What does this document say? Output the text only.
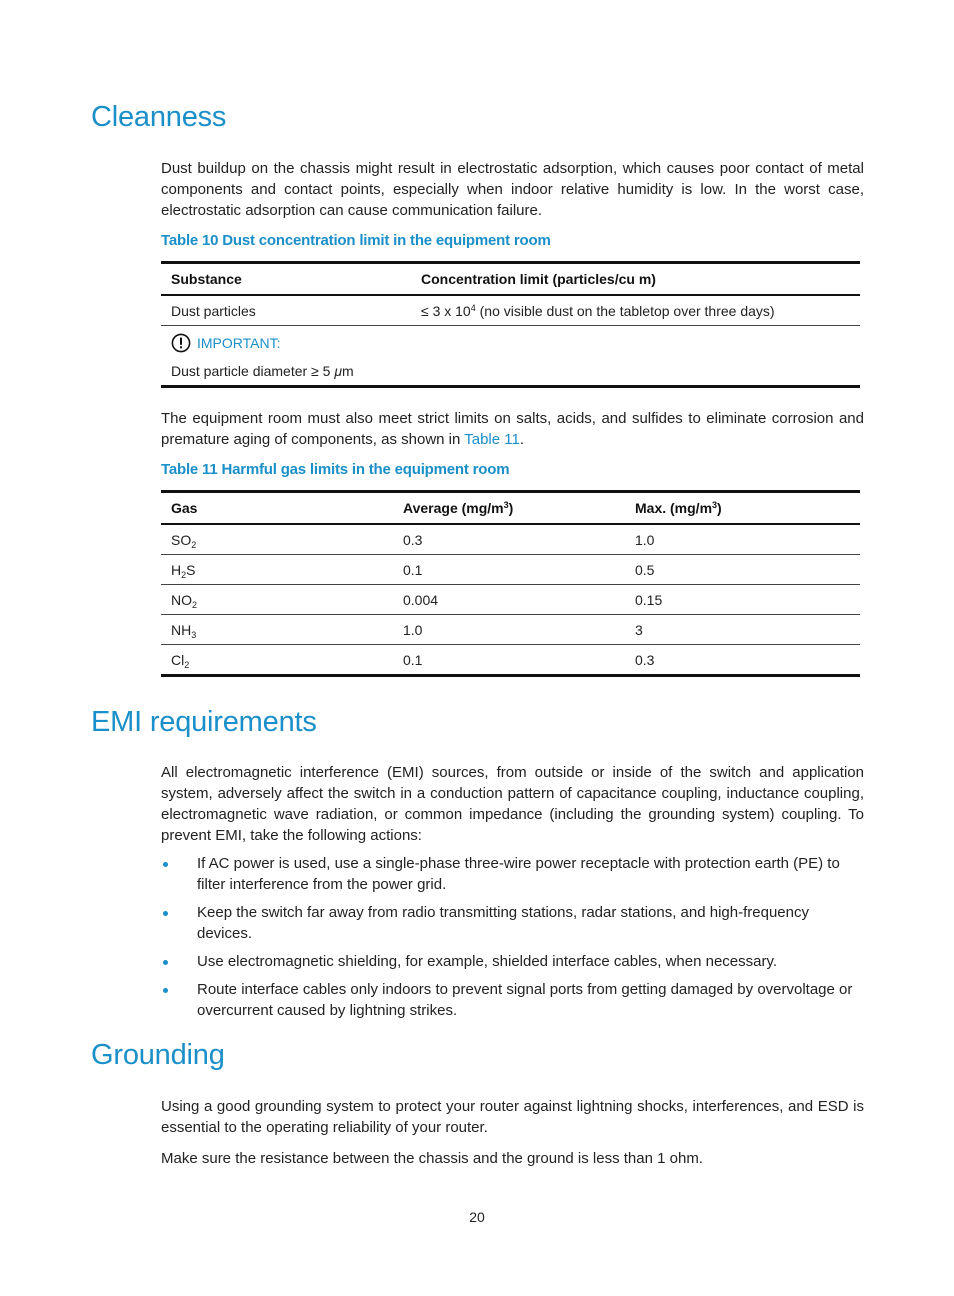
Cleanness

Dust buildup on the chassis might result in electrostatic adsorption, which causes poor contact of metal components and contact points, especially when indoor relative humidity is low. In the worst case, electrostatic adsorption can cause communication failure.

Table 10 Dust concentration limit in the equipment room

Substance	Concentration limit (particles/cu m)
Dust particles	≤ 3 x $10^4$ (no visible dust on the tabletop over three days)

IMPORTANT:
Dust particle diameter ≥ 5 μm	

The equipment room must also meet strict limits on salts, acids, and sulfides to eliminate corrosion and premature aging of components, as shown in Table 11.

Table 11 Harmful gas limits in the equipment room

Gas	Average $(mg/m^3)$	Max. $(mg/m^3)$
$SO_2$	0.3	1.0
$H_2S$	0.1	0.5
$NO_2$	0.004	0.15
$NH_3$	1.0	3
$Cl_2$	0.1	0.3
EMI requirements

All electromagnetic interference (EMI) sources, from outside or inside of the switch and application system, adversely affect the switch in a conduction pattern of capacitance coupling, inductance coupling, electromagnetic wave radiation, or common impedance (including the grounding system) coupling. To prevent EMI, take the following actions:

If AC power is used, use a single-phase three-wire power receptacle with protection earth (PE) to filter interference from the power grid.
Keep the switch far away from radio transmitting stations, radar stations, and high-frequency devices.
Use electromagnetic shielding, for example, shielded interface cables, when necessary.
Route interface cables only indoors to prevent signal ports from getting damaged by overvoltage or overcurrent caused by lightning strikes.
Grounding

Using a good grounding system to protect your router against lightning shocks, interferences, and ESD is essential to the operating reliability of your router.

Make sure the resistance between the chassis and the ground is less than 1 ohm.

20
